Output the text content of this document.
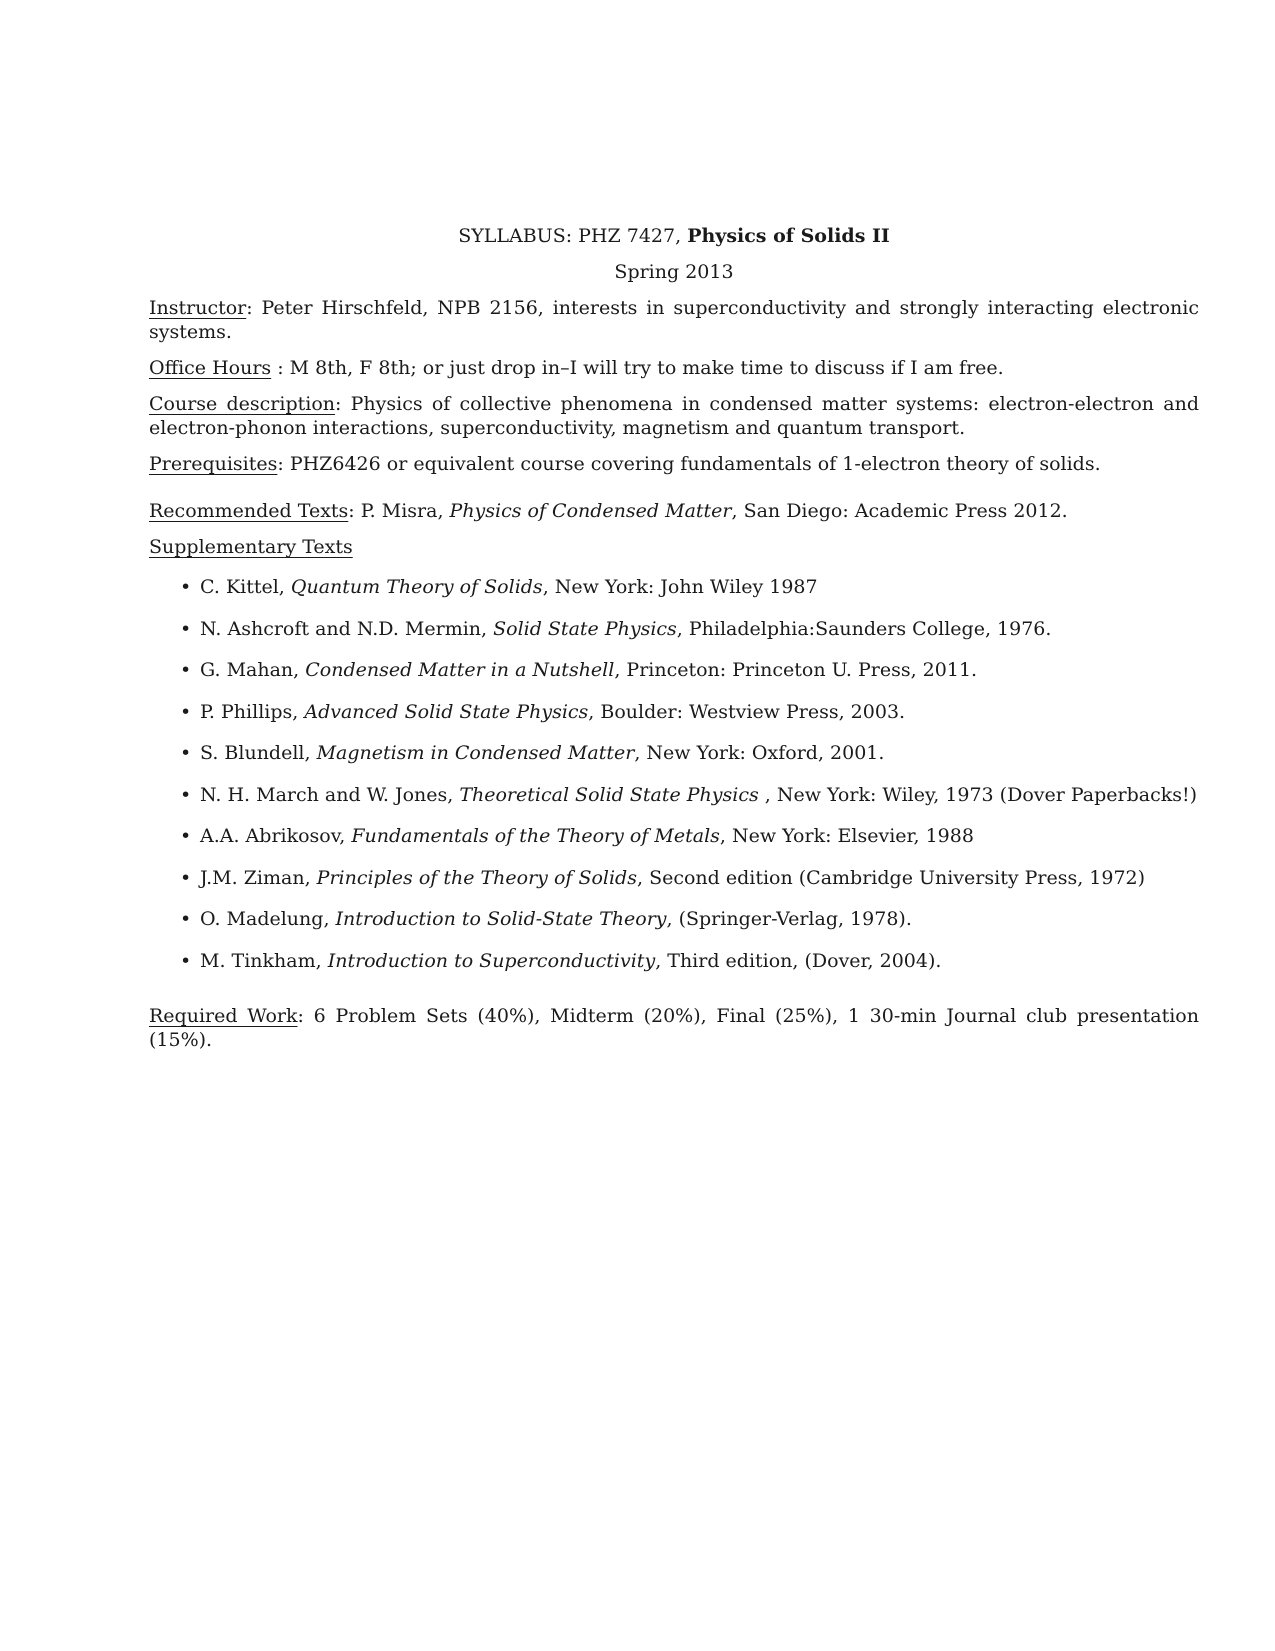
SYLLABUS: PHZ 7427, Physics of Solids II
Spring 2013

Instructor: Peter Hirschfeld, NPB 2156, interests in superconductivity and strongly interacting electronic systems.

Office Hours : M 8th, F 8th; or just drop in–I will try to make time to discuss if I am free.

Course description: Physics of collective phenomena in condensed matter systems: electron-electron and electron-phonon interactions, superconductivity, magnetism and quantum transport.

Prerequisites: PHZ6426 or equivalent course covering fundamentals of 1-electron theory of solids.

Recommended Texts: P. Misra, Physics of Condensed Matter, San Diego: Academic Press 2012.

Supplementary Texts
• C. Kittel, Quantum Theory of Solids, New York: John Wiley 1987
• N. Ashcroft and N.D. Mermin, Solid State Physics, Philadelphia:Saunders College, 1976.
• G. Mahan, Condensed Matter in a Nutshell, Princeton: Princeton U. Press, 2011.
• P. Phillips, Advanced Solid State Physics, Boulder: Westview Press, 2003.
• S. Blundell, Magnetism in Condensed Matter, New York: Oxford, 2001.
• N. H. March and W. Jones, Theoretical Solid State Physics , New York: Wiley, 1973 (Dover Paperbacks!)
• A.A. Abrikosov, Fundamentals of the Theory of Metals, New York: Elsevier, 1988
• J.M. Ziman, Principles of the Theory of Solids, Second edition (Cambridge University Press, 1972)
• O. Madelung, Introduction to Solid-State Theory, (Springer-Verlag, 1978).
• M. Tinkham, Introduction to Superconductivity, Third edition, (Dover, 2004).

Required Work: 6 Problem Sets (40%), Midterm (20%), Final (25%), 1 30-min Journal club presentation (15%).
